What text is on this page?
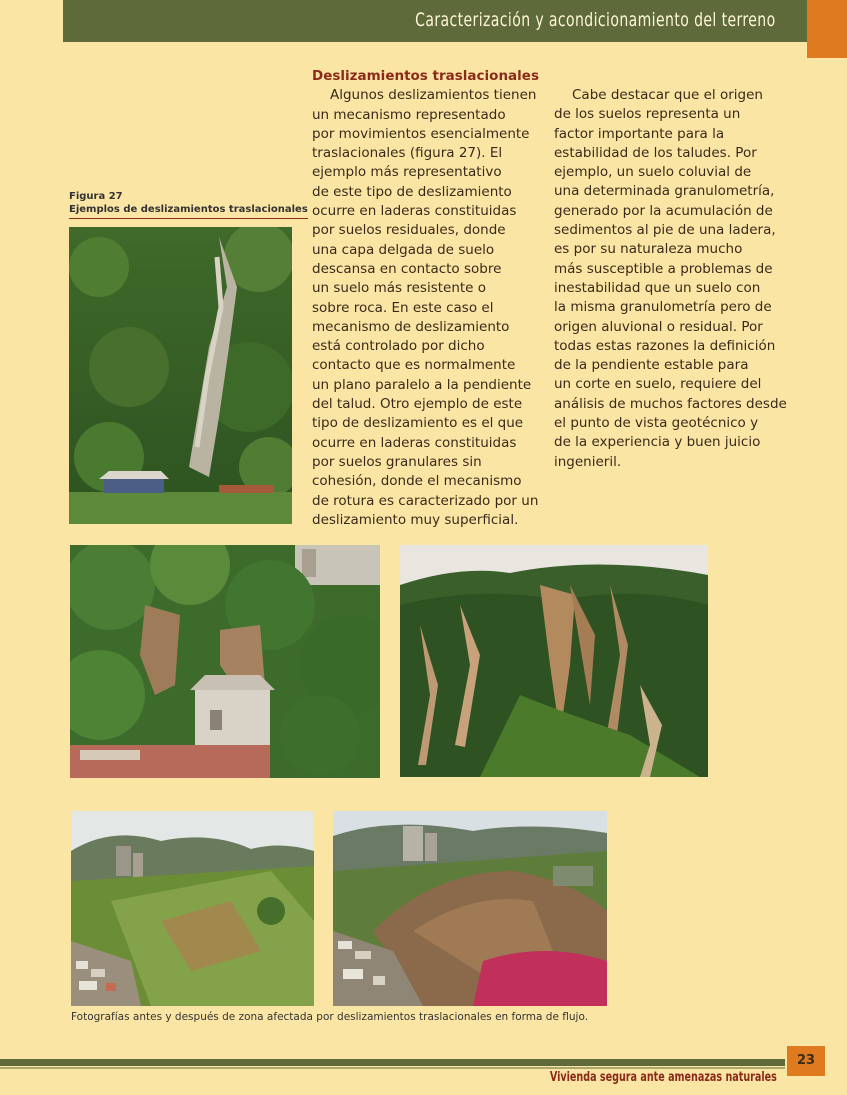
Caracterización y acondicionamiento del terreno
Figura 27
Ejemplos de deslizamientos traslacionales
Deslizamientos traslacionales
Algunos deslizamientos tienen
un mecanismo representado
por movimientos esencialmente
traslacionales (figura 27). El
ejemplo más representativo
de este tipo de deslizamiento
ocurre en laderas constituidas
por suelos residuales, donde
una capa delgada de suelo
descansa en contacto sobre
un suelo más resistente o
sobre roca. En este caso el
mecanismo de deslizamiento
está controlado por dicho
contacto que es normalmente
un plano paralelo a la pendiente
del talud. Otro ejemplo de este
tipo de deslizamiento es el que
ocurre en laderas constituidas
por suelos granulares sin
cohesión, donde el mecanismo
de rotura es caracterizado por un
deslizamiento muy superficial.
Cabe destacar que el origen
de los suelos representa un
factor importante para la
estabilidad de los taludes. Por
ejemplo, un suelo coluvial de
una determinada granulometría,
generado por la acumulación de
sedimentos al pie de una ladera,
es por su naturaleza mucho
más susceptible a problemas de
inestabilidad que un suelo con
la misma granulometría pero de
origen aluvional o residual. Por
todas estas razones la definición
de la pendiente estable para
un corte en suelo, requiere del
análisis de muchos factores desde
el punto de vista geotécnico y
de la experiencia y buen juicio
ingenieril.
Fotografías antes y después de zona afectada por deslizamientos traslacionales en forma de flujo.
23
Vivienda segura ante amenazas naturales
